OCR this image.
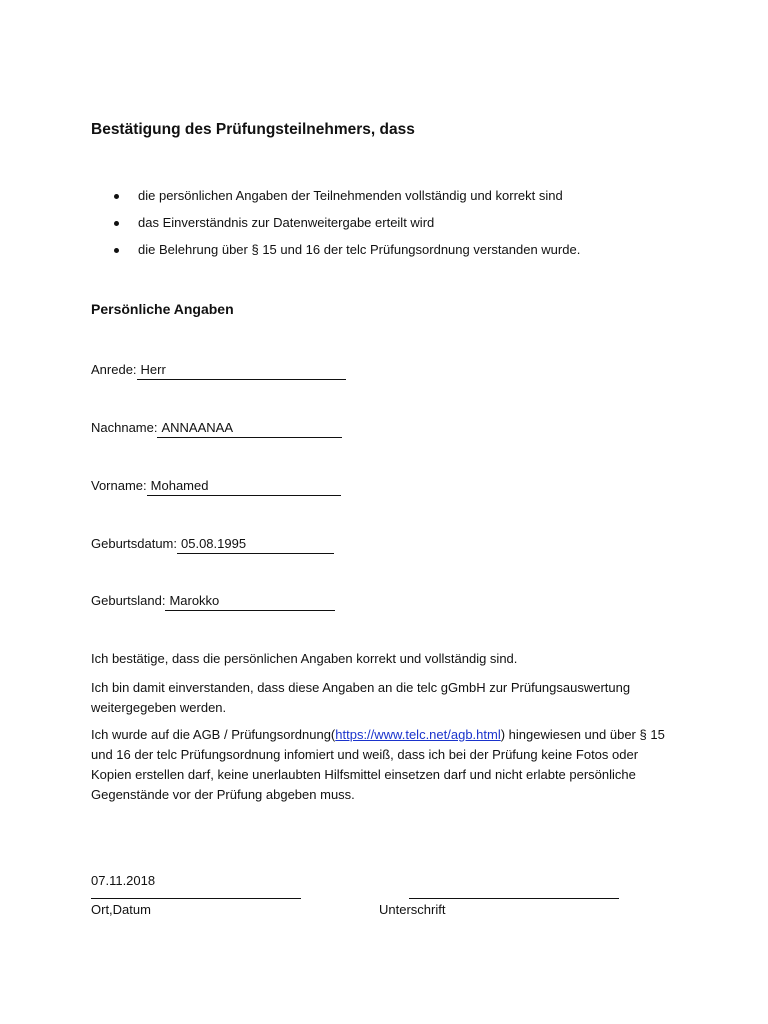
Bestätigung des Prüfungsteilnehmers, dass
die persönlichen Angaben der Teilnehmenden vollständig und korrekt sind
das Einverständnis zur Datenweitergabe erteilt wird
die Belehrung über § 15 und 16 der telc Prüfungsordnung verstanden wurde.
Persönliche Angaben
Anrede: Herr
Nachname: ANNAANAA
Vorname:Mohamed
Geburtsdatum: 05.08.1995
Geburtsland: Marokko
Ich bestätige, dass die persönlichen Angaben korrekt und vollständig sind.
Ich bin damit einverstanden, dass diese Angaben an die telc gGmbH zur Prüfungsauswertung weitergegeben werden.
Ich wurde auf die AGB / Prüfungsordnung(https://www.telc.net/agb.html) hingewiesen und über § 15 und 16 der telc Prüfungsordnung infomiert und weiß, dass ich bei der Prüfung keine Fotos oder Kopien erstellen darf, keine unerlaubten Hilfsmittel einsetzen darf und nicht erlabte persönliche Gegenstände vor der Prüfung abgeben muss.
07.11.2018
Ort,Datum	Unterschrift
